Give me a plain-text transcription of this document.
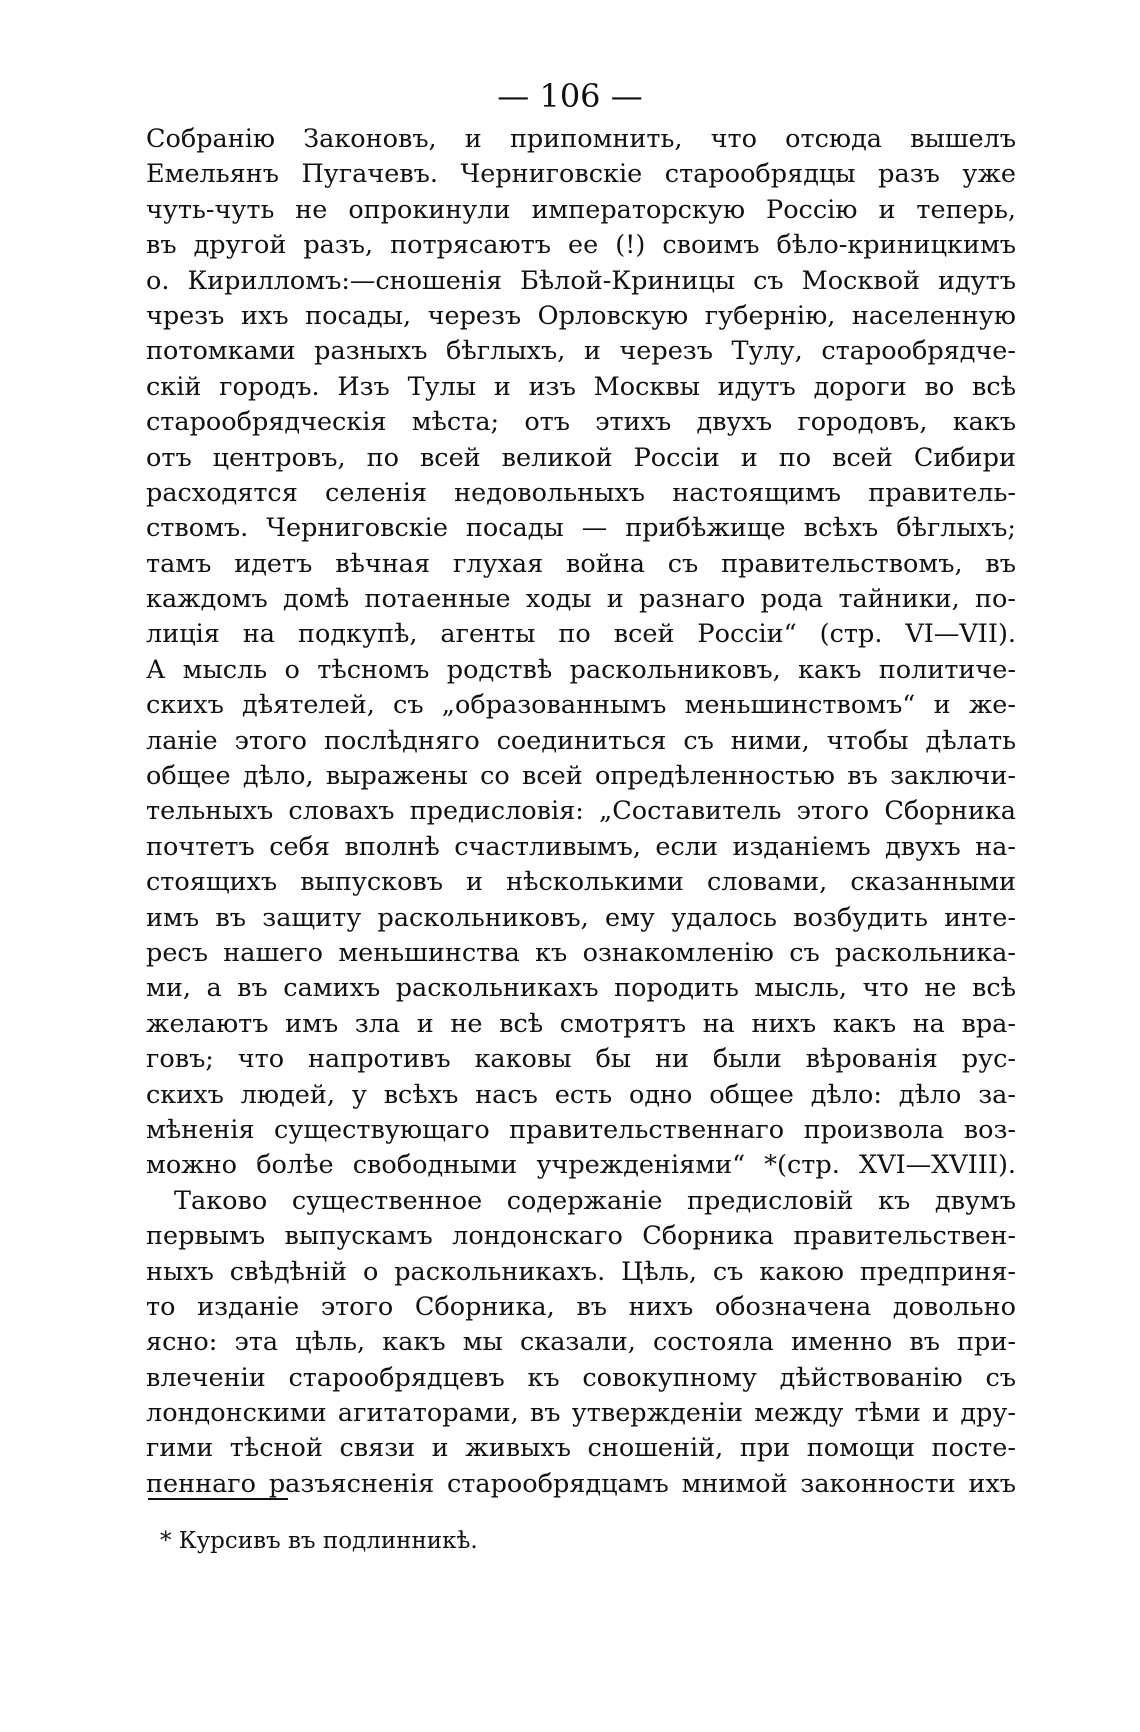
— 106 —
Собранію Законовъ, и припомнить, что отсюда вышелъ
Емельянъ Пугачевъ. Черниговскіе старообрядцы разъ уже
чуть-чуть не опрокинули императорскую Россію и теперь,
въ другой разъ, потрясаютъ ее (!) своимъ бѣло-криницкимъ
о. Кирилломъ:—сношенія Бѣлой-Криницы съ Москвой идутъ
чрезъ ихъ посады, черезъ Орловскую губернію, населенную
потомками разныхъ бѣглыхъ, и черезъ Тулу, старообрядче-
скій городъ. Изъ Тулы и изъ Москвы идутъ дороги во всѣ
старообрядческія мѣста; отъ этихъ двухъ городовъ, какъ
отъ центровъ, по всей великой Россіи и по всей Сибири
расходятся селенія недовольныхъ настоящимъ правитель-
ствомъ. Черниговскіе посады — прибѣжище всѣхъ бѣглыхъ;
тамъ идетъ вѣчная глухая война съ правительствомъ, въ
каждомъ домѣ потаенные ходы и разнаго рода тайники, по-
лиція на подкупѣ, агенты по всей Россіи“ (стр. VI—VII).
А мысль о тѣсномъ родствѣ раскольниковъ, какъ политиче-
скихъ дѣятелей, съ „образованнымъ меньшинствомъ“ и же-
ланіе этого послѣдняго соединиться съ ними, чтобы дѣлать
общее дѣло, выражены со всей опредѣленностью въ заключи-
тельныхъ словахъ предисловія: „Составитель этого Сборника
почтетъ себя вполнѣ счастливымъ, если изданіемъ двухъ на-
стоящихъ выпусковъ и нѣсколькими словами, сказанными
имъ въ защиту раскольниковъ, ему удалось возбудить инте-
ресъ нашего меньшинства къ ознакомленію съ раскольника-
ми, а въ самихъ раскольникахъ породить мысль, что не всѣ
желаютъ имъ зла и не всѣ смотрятъ на нихъ какъ на вра-
говъ; что напротивъ каковы бы ни были вѣрованія рус-
скихъ людей, у всѣхъ насъ есть одно общее дѣло: дѣло за-
мѣненія существующаго правительственнаго произвола воз-
можно болѣе свободными учрежденіями“ *(стр. XVI—XVIII).
Таково существенное содержаніе предисловій къ двумъ
первымъ выпускамъ лондонскаго Сборника правительствен-
ныхъ свѣдѣній о раскольникахъ. Цѣль, съ какою предприня-
то изданіе этого Сборника, въ нихъ обозначена довольно
ясно: эта цѣль, какъ мы сказали, состояла именно въ при-
влеченіи старообрядцевъ къ совокупному дѣйствованію съ
лондонскими агитаторами, въ утвержденіи между тѣми и дру-
гими тѣсной связи и живыхъ сношеній, при помощи посте-
пеннаго разъясненія старообрядцамъ мнимой законности ихъ
* Курсивъ въ подлинникѣ.
